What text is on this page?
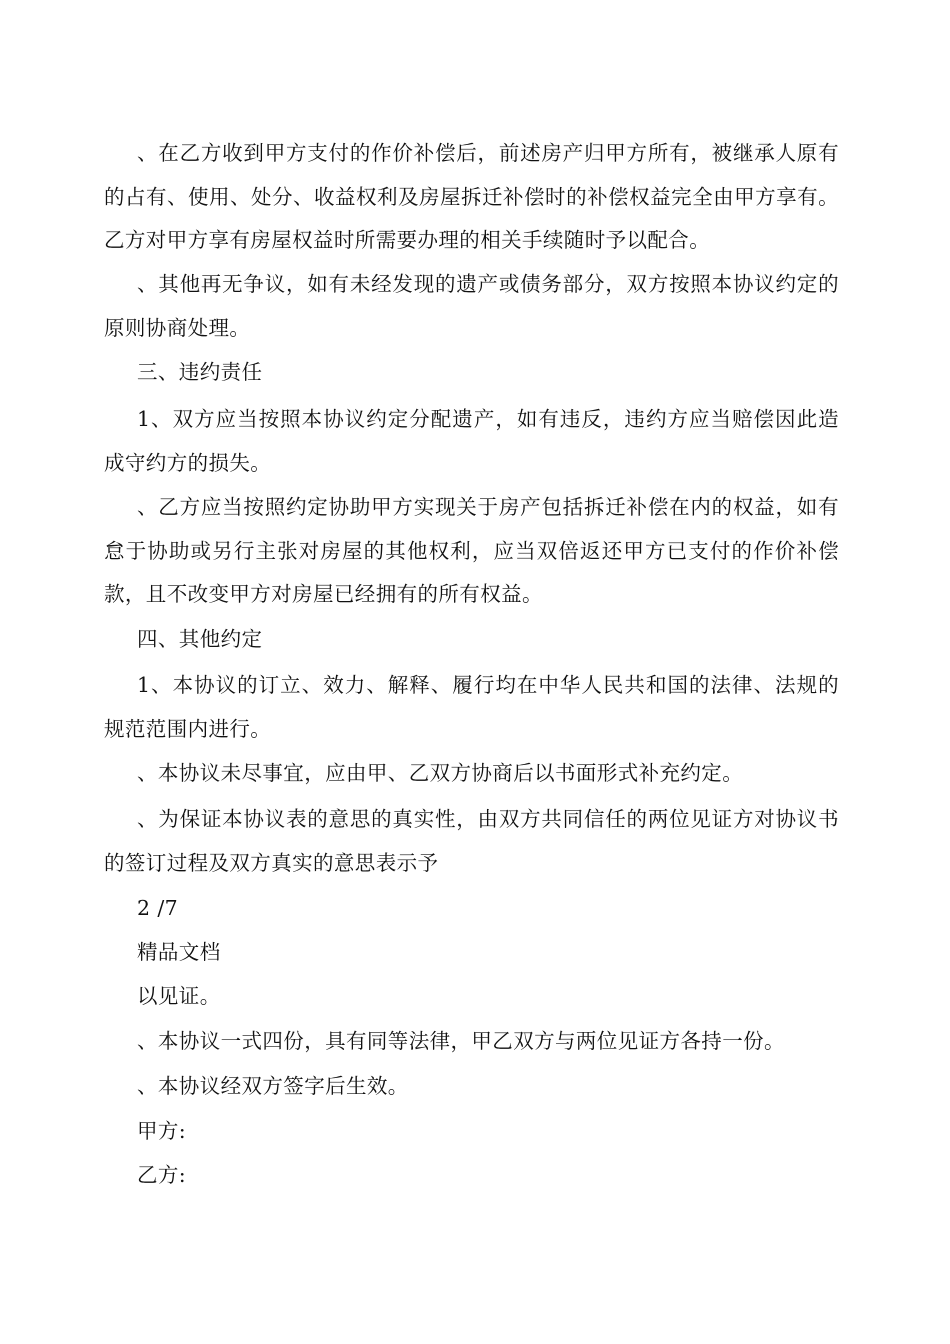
、在乙方收到甲方支付的作价补偿后，前述房产归甲方所有，被继承人原有的占有、使用、处分、收益权利及房屋拆迁补偿时的补偿权益完全由甲方享有。乙方对甲方享有房屋权益时所需要办理的相关手续随时予以配合。

、其他再无争议，如有未经发现的遗产或债务部分，双方按照本协议约定的原则协商处理。

三、违约责任

1、双方应当按照本协议约定分配遗产，如有违反，违约方应当赔偿因此造成守约方的损失。

、乙方应当按照约定协助甲方实现关于房产包括拆迁补偿在内的权益，如有怠于协助或另行主张对房屋的其他权利，应当双倍返还甲方已支付的作价补偿款，且不改变甲方对房屋已经拥有的所有权益。

四、其他约定

1、本协议的订立、效力、解释、履行均在中华人民共和国的法律、法规的规范范围内进行。

、本协议未尽事宜，应由甲、乙双方协商后以书面形式补充约定。

、为保证本协议表的意思的真实性，由双方共同信任的两位见证方对协议书的签订过程及双方真实的意思表示予

2 /7

精品文档

以见证。

、本协议一式四份，具有同等法律，甲乙双方与两位见证方各持一份。

、本协议经双方签字后生效。

甲方:

乙方:
